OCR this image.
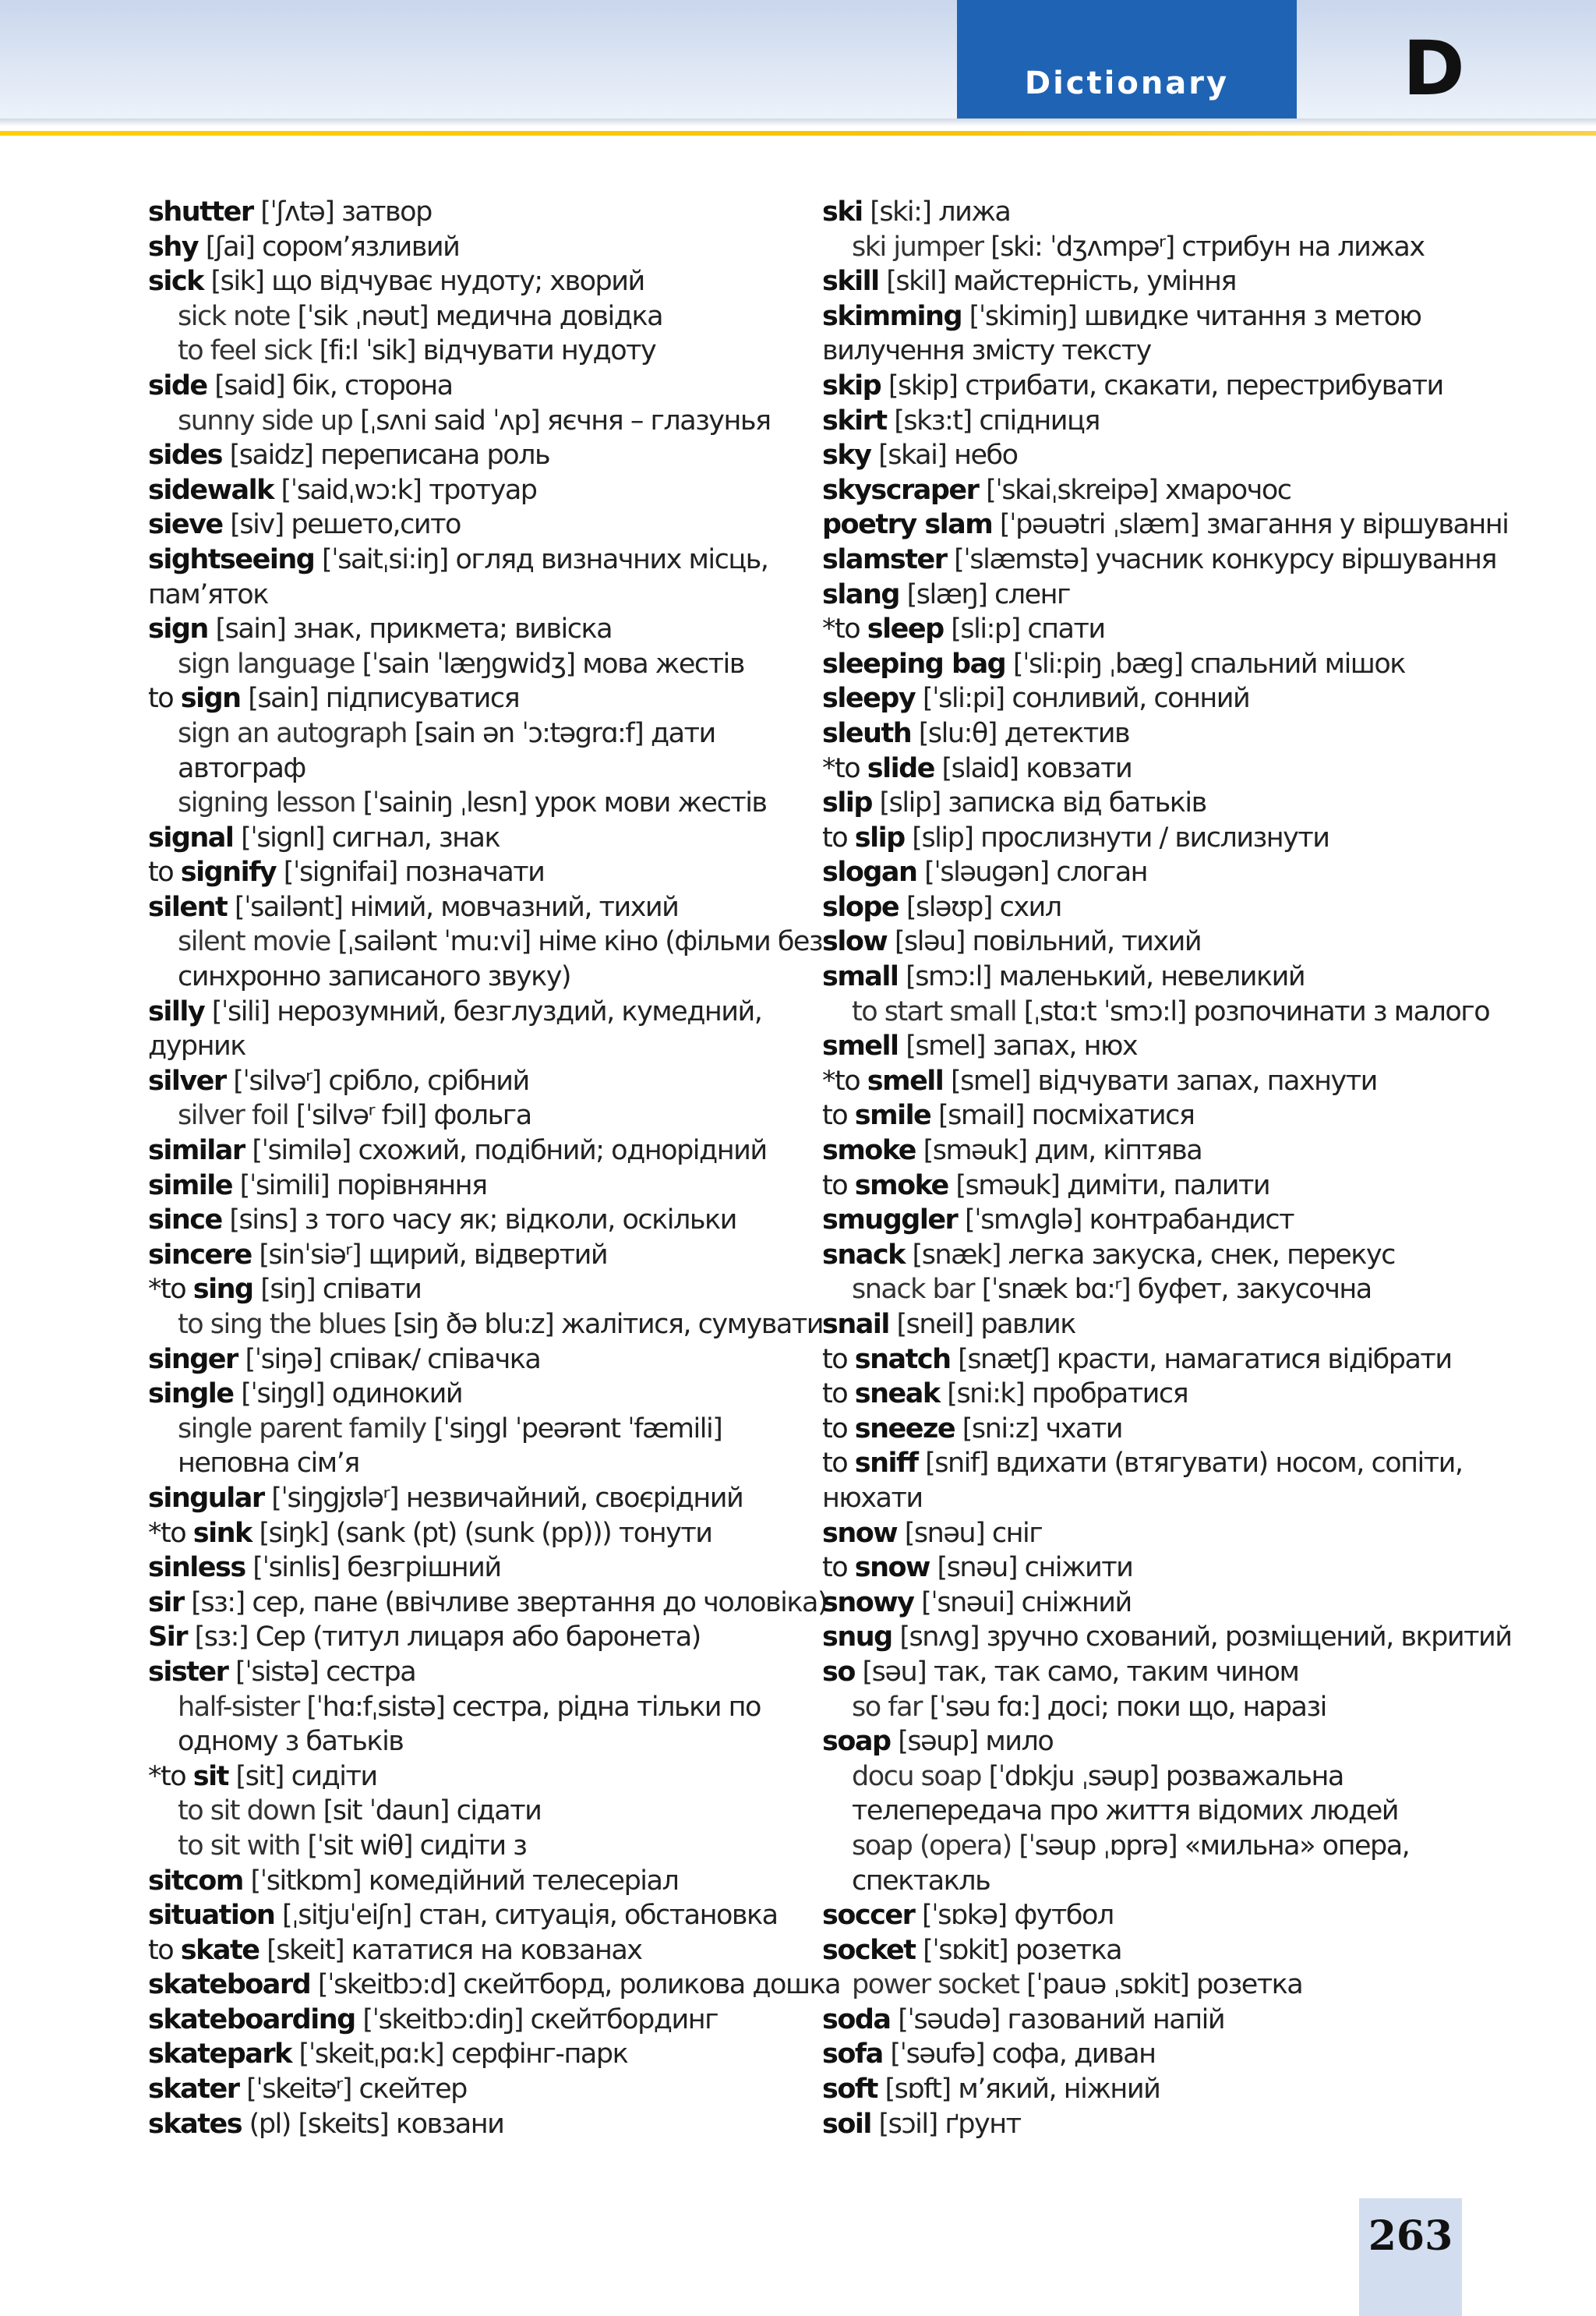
Dictionary	D
shutter [ˈʃʌtə] затвор
shy [ʃai] сором’язливий
sick [sik] що відчуває нудоту; хворий
sick note [ˈsik ˌnəut] медична довідка
to feel sick [fi:l ˈsik] відчувати нудоту
side [said] бік, сторона
sunny side up [ˌsʌni said ˈʌp] яєчня – глазунья
sides [saidz] переписана роль
sidewalk [ˈsaidˌwɔ:k] тротуар
sieve [siv] решето,сито
sightseeing [ˈsaitˌsi:iŋ] огляд визначних місць,
пам’яток
sign [sain] знак, прикмета; вивіска
sign language [ˈsain ˈlæŋgwidʒ] мова жестів
to sign [sain] підписуватися
sign an autograph [sain ən ˈɔ:təgrɑ:f] дати
автограф
signing lesson [ˈsainiŋ ˌlesn] урок мови жестів
signal [ˈsignl] сигнал, знак
to signify [ˈsignifai] позначати
silent [ˈsailənt] німий, мовчазний, тихий
silent movie [ˌsailənt ˈmu:vi] німе кіно (фільми без
синхронно записаного звуку)
silly [ˈsili] нерозумний, безглуздий, кумедний,
дурник
silver [ˈsilvəʳ] срібло, срібний
silver foil [ˈsilvəʳ fɔil] фольга
similar [ˈsimilə] схожий, подібний; однорідний
simile [ˈsimili] порівняння
since [sins] з того часу як; відколи, оскільки
sincere [sinˈsiəʳ] щирий, відвертий
*to sing [siŋ] співати
to sing the blues [siŋ ðə blu:z] жалітися, сумувати
singer [ˈsiŋə] співак/ співачка
single [ˈsiŋgl] одинокий
single parent family [ˈsiŋgl ˈpeərənt ˈfæmili]
неповна сім’я
singular [ˈsiŋgjʊləʳ] незвичайний, своєрідний
*to sink [siŋk] (sank (pt) (sunk (pp))) тонути
sinless [ˈsinlis] безгрішний
sir [sɜ:] сер, пане (ввічливе звертання до чоловіка)
Sir [sɜ:] Сер (титул лицаря або баронета)
sister [ˈsistə] сестра
half-sister [ˈhɑ:fˌsistə] сестра, рідна тільки по
одному з батьків
*to sit [sit] сидіти
to sit down [sit ˈdaun] сідати
to sit with [ˈsit wiθ] сидіти з
sitcom [ˈsitkɒm] комедійний телесеріал
situation [ˌsitjuˈeiʃn] стан, ситуація, обстановка
to skate [skeit] кататися на ковзанах
skateboard [ˈskeitbɔ:d] скейтборд, роликова дошка
skateboarding [ˈskeitbɔ:diŋ] скейтбординг
skatepark [ˈskeitˌpɑ:k] серфінг-парк
skater [ˈskeitəʳ] скейтер
skates (pl) [skeits] ковзани
ski [ski:] лижа
ski jumper [ski: ˈdʒʌmpəʳ] стрибун на лижах
skill [skil] майстерність, уміння
skimming [ˈskimiŋ] швидке читання з метою
вилучення змісту тексту
skip [skip] стрибати, скакати, перестрибувати
skirt [skɜ:t] спідниця
sky [skai] небо
skyscraper [ˈskaiˌskreipə] хмарочос
poetry slam [ˈpəuətri ˌslæm] змагання у віршуванні
slamster [ˈslæmstə] учасник конкурсу віршування
slang [slæŋ] сленг
*to sleep [sli:p] спати
sleeping bag [ˈsli:piŋ ˌbæg] спальний мішок
sleepy [ˈsli:pi] сонливий, сонний
sleuth [slu:θ] детектив
*to slide [slaid] ковзати
slip [slip] записка від батьків
to slip [slip] прослизнути / вислизнути
slogan [ˈsləugən] слоган
slope [sləʊp] схил
slow [sləu] повільний, тихий
small [smɔ:l] маленький, невеликий
to start small [ˌstɑ:t ˈsmɔ:l] розпочинати з малого
smell [smel] запах, нюх
*to smell [smel] відчувати запах, пахнути
to smile [smail] посміхатися
smoke [sməuk] дим, кіптява
to smoke [sməuk] диміти, палити
smuggler [ˈsmʌglə] контрабандист
snack [snæk] легка закуска, снек, перекус
snack bar [ˈsnæk bɑ:ʳ] буфет, закусочна
snail [sneil] равлик
to snatch [snætʃ] красти, намагатися відібрати
to sneak [sni:k] пробратися
to sneeze [sni:z] чхати
to sniff [snif] вдихати (втягувати) носом, сопіти,
нюхати
snow [snəu] сніг
to snow [snəu] сніжити
snowy [ˈsnəui] сніжний
snug [snʌg] зручно схований, розміщений, вкритий
so [səu] так, так само, таким чином
so far [ˈsəu fɑ:] досі; поки що, наразі
soap [səup] мило
docu soap [ˈdɒkju ˌsəup] розважальна
телепередача про життя відомих людей
soap (opera) [ˈsəup ˌɒprə] «мильна» опера,
спектакль
soccer [ˈsɒkə] футбол
socket [ˈsɒkit] розетка
power socket [ˈpauə ˌsɒkit] розетка
soda [ˈsəudə] газований напій
sofa [ˈsəufə] софа, диван
soft [sɒft] м’який, ніжний
soil [sɔil] ґрунт
263
